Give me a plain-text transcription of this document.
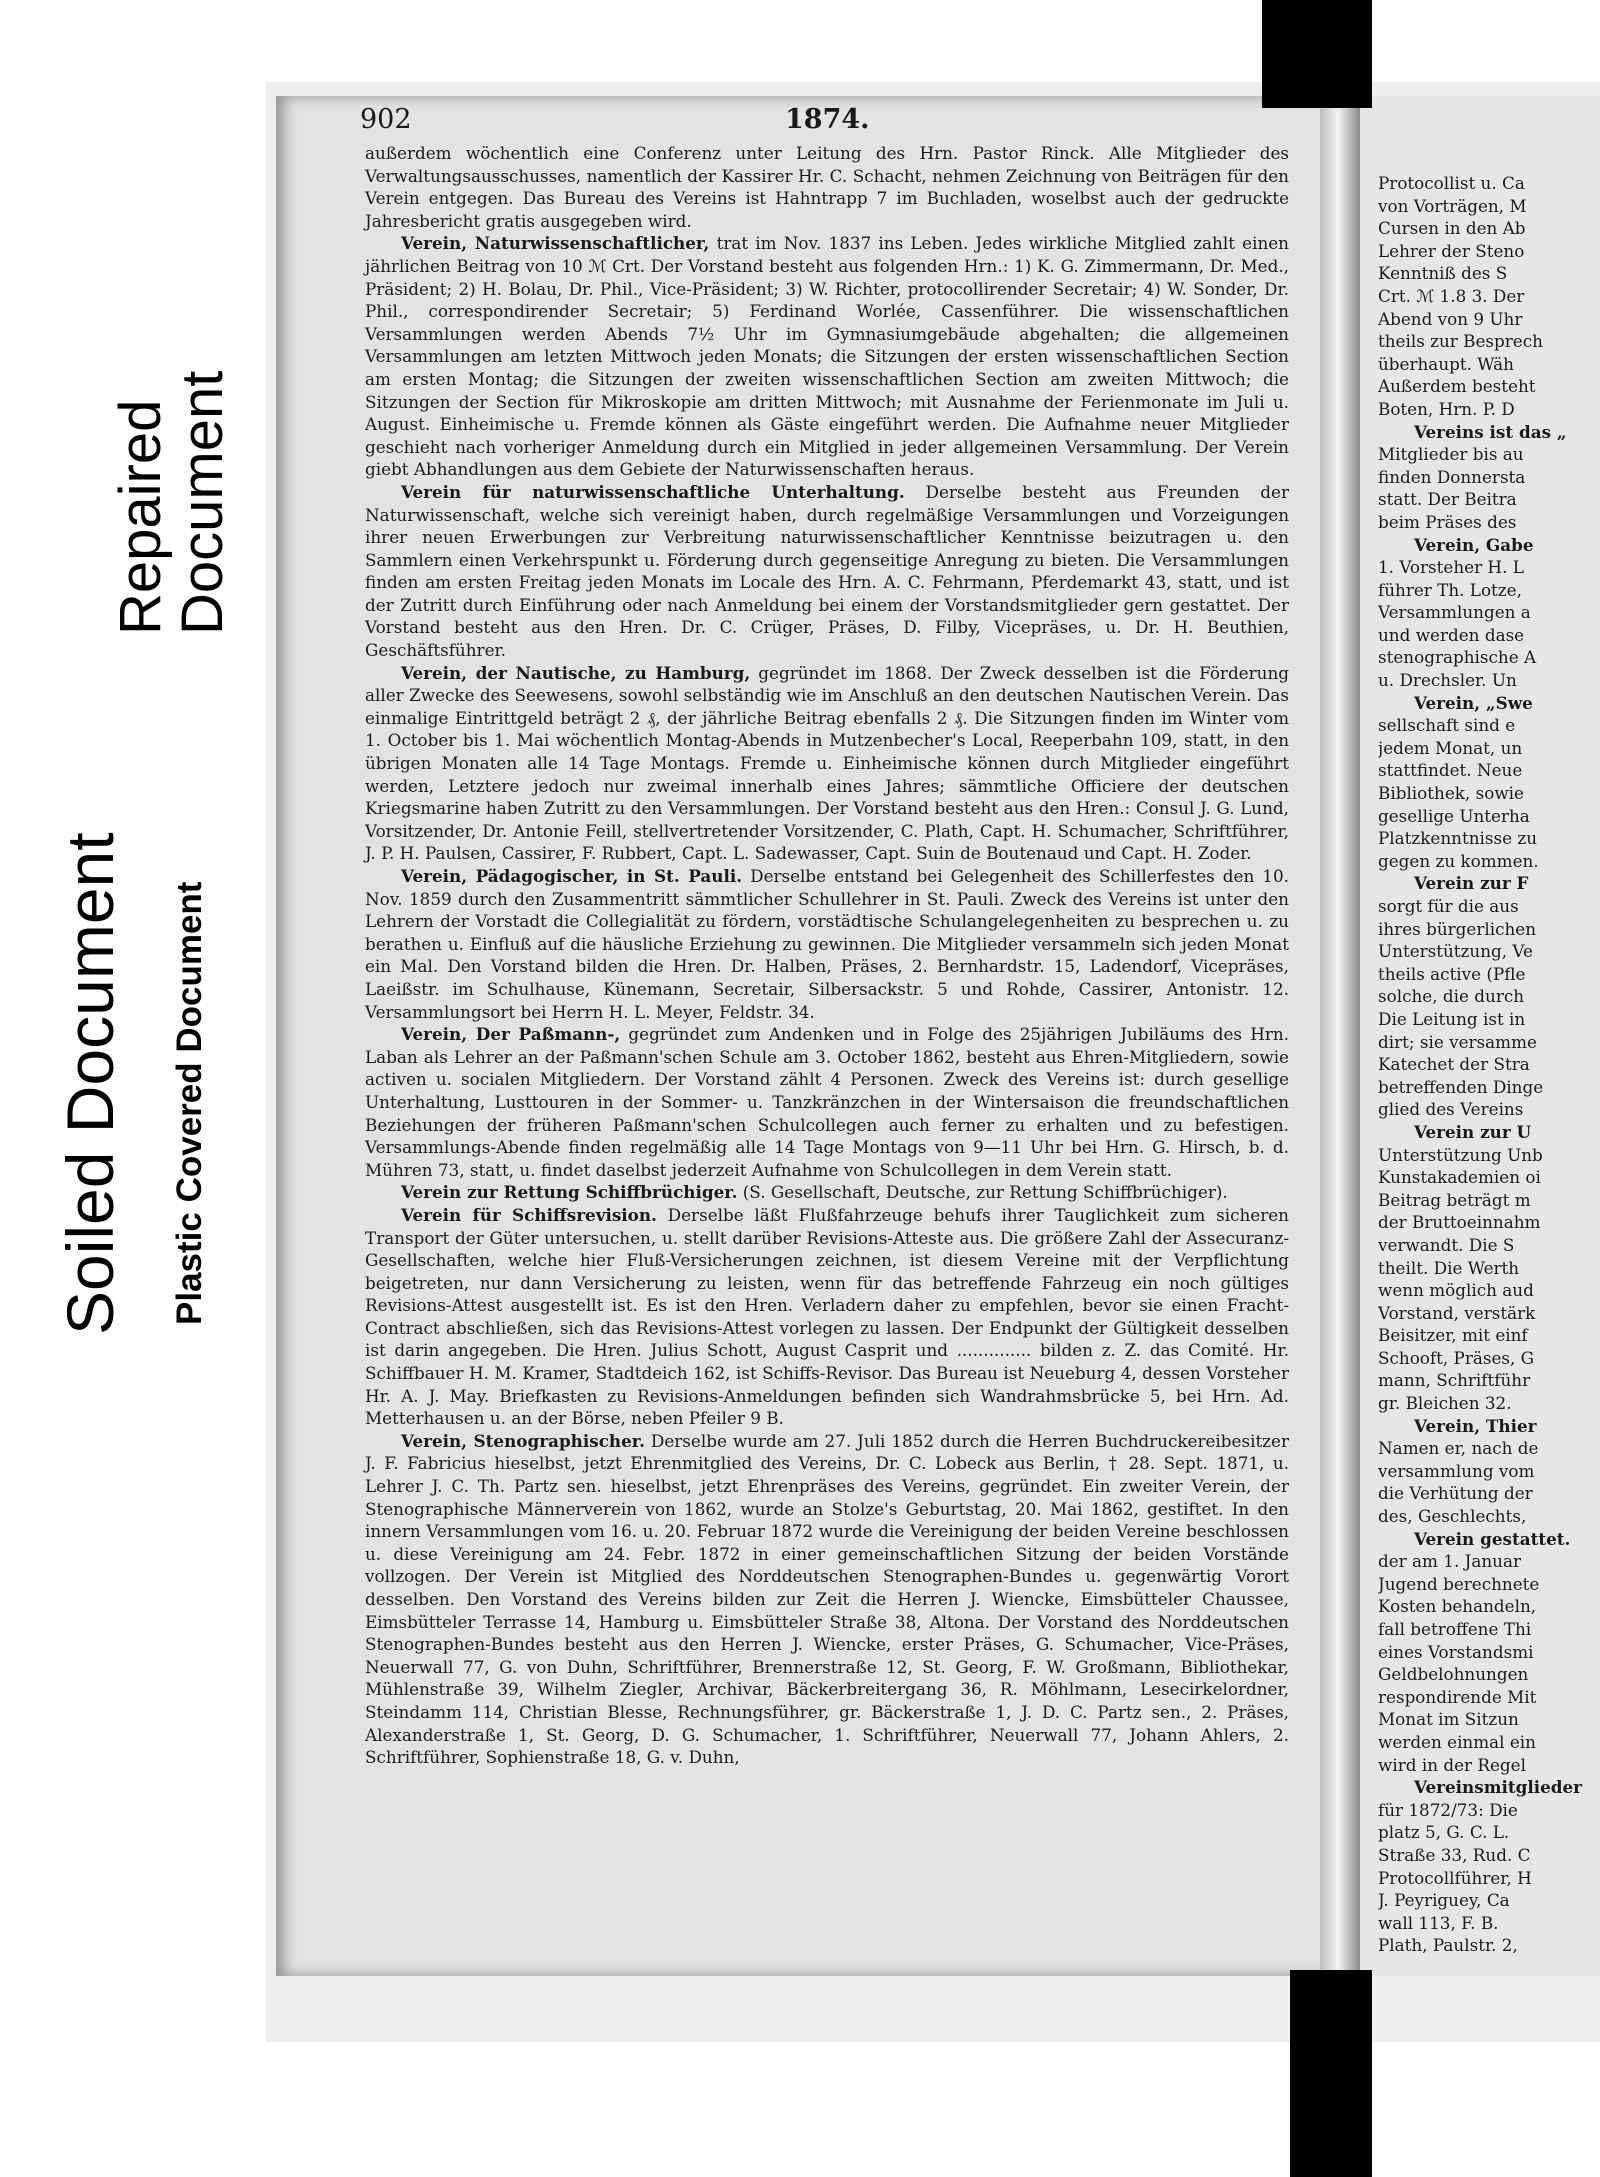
Repaired
Document
Soiled Document Plastic Covered Document
Protocollist u. Ca
von Vorträgen, M
Cursen in den Ab
Lehrer der Steno
Kenntniß des S
Crt. ℳ 1.8 3. Der
Abend von 9 Uhr
theils zur Besprech
überhaupt. Wäh
Außerdem besteht
Boten, Hrn. P. D
Vereins ist das „
Mitglieder bis au
finden Donnersta
statt. Der Beitra
beim Präses des
Verein, Gabe
1. Vorsteher H. L
führer Th. Lotze,
Versammlungen a
und werden dase
stenographische A
u. Drechsler. Un
Verein, „Swe
sellschaft sind e
jedem Monat, un
stattfindet. Neue
Bibliothek, sowie
gesellige Unterha
Platzkenntnisse zu
gegen zu kommen.
Verein zur F
sorgt für die aus
ihres bürgerlichen
Unterstützung, Ve
theils active (Pfle
solche, die durch
Die Leitung ist in
dirt; sie versamme
Katechet der Stra
betreffenden Dinge
glied des Vereins
Verein zur U
Unterstützung Unb
Kunstakademien oi
Beitrag beträgt m
der Bruttoeinnahm
verwandt. Die S
theilt. Die Werth
wenn möglich aud
Vorstand, verstärk
Beisitzer, mit einf
Schooft, Präses, G
mann, Schriftführ
gr. Bleichen 32.
Verein, Thier
Namen er, nach de
versammlung vom
die Verhütung der
des, Geschlechts,
Verein gestattet.
der am 1. Januar
Jugend berechnete
Kosten behandeln,
fall betroffene Thi
eines Vorstandsmi
Geldbelohnungen
respondirende Mit
Monat im Sitzun
werden einmal ein
wird in der Regel
Vereinsmitglieder
für 1872/73: Die
platz 5, G. C. L.
Straße 33, Rud. C
Protocollführer, H
J. Peyriguey, Ca
wall 113, F. B.
Plath, Paulstr. 2,
902	1874.

außerdem wöchentlich eine Conferenz unter Leitung des Hrn. Pastor Rinck. Alle Mitglieder des Verwaltungsausschusses, namentlich der Kassirer Hr. C. Schacht, nehmen Zeichnung von Beiträgen für den Verein entgegen. Das Bureau des Vereins ist Hahntrapp 7 im Buchladen, woselbst auch der gedruckte Jahresbericht gratis ausgegeben wird.

Verein, Naturwissenschaftlicher, trat im Nov. 1837 ins Leben. Jedes wirkliche Mitglied zahlt einen jährlichen Beitrag von 10 ℳ Crt. Der Vorstand besteht aus folgenden Hrn.: 1) K. G. Zimmermann, Dr. Med., Präsident; 2) H. Bolau, Dr. Phil., Vice-Präsident; 3) W. Richter, protocollirender Secretair; 4) W. Sonder, Dr. Phil., correspondirender Secretair; 5) Ferdinand Worlée, Cassenführer. Die wissenschaftlichen Versammlungen werden Abends 7½ Uhr im Gymnasiumgebäude abgehalten; die allgemeinen Versammlungen am letzten Mittwoch jeden Monats; die Sitzungen der ersten wissenschaftlichen Section am ersten Montag; die Sitzungen der zweiten wissenschaftlichen Section am zweiten Mittwoch; die Sitzungen der Section für Mikroskopie am dritten Mittwoch; mit Ausnahme der Ferienmonate im Juli u. August. Einheimische u. Fremde können als Gäste eingeführt werden. Die Aufnahme neuer Mitglieder geschieht nach vorheriger Anmeldung durch ein Mitglied in jeder allgemeinen Versammlung. Der Verein giebt Abhandlungen aus dem Gebiete der Naturwissenschaften heraus.

Verein für naturwissenschaftliche Unterhaltung. Derselbe besteht aus Freunden der Naturwissenschaft, welche sich vereinigt haben, durch regelmäßige Versammlungen und Vorzeigungen ihrer neuen Erwerbungen zur Verbreitung naturwissenschaftlicher Kenntnisse beizutragen u. den Sammlern einen Verkehrspunkt u. Förderung durch gegenseitige Anregung zu bieten. Die Versammlungen finden am ersten Freitag jeden Monats im Locale des Hrn. A. C. Fehrmann, Pferdemarkt 43, statt, und ist der Zutritt durch Einführung oder nach Anmeldung bei einem der Vorstandsmitglieder gern gestattet. Der Vorstand besteht aus den Hren. Dr. C. Crüger, Präses, D. Filby, Vicepräses, u. Dr. H. Beuthien, Geschäftsführer.

Verein, der Nautische, zu Hamburg, gegründet im 1868. Der Zweck desselben ist die Förderung aller Zwecke des Seewesens, sowohl selbständig wie im Anschluß an den deutschen Nautischen Verein. Das einmalige Eintrittgeld beträgt 2 ₰, der jährliche Beitrag ebenfalls 2 ₰. Die Sitzungen finden im Winter vom 1. October bis 1. Mai wöchentlich Montag-Abends in Mutzenbecher's Local, Reeperbahn 109, statt, in den übrigen Monaten alle 14 Tage Montags. Fremde u. Einheimische können durch Mitglieder eingeführt werden, Letztere jedoch nur zweimal innerhalb eines Jahres; sämmtliche Officiere der deutschen Kriegsmarine haben Zutritt zu den Versammlungen. Der Vorstand besteht aus den Hren.: Consul J. G. Lund, Vorsitzender, Dr. Antonie Feill, stellvertretender Vorsitzender, C. Plath, Capt. H. Schumacher, Schriftführer, J. P. H. Paulsen, Cassirer, F. Rubbert, Capt. L. Sadewasser, Capt. Suin de Boutenaud und Capt. H. Zoder.

Verein, Pädagogischer, in St. Pauli. Derselbe entstand bei Gelegenheit des Schillerfestes den 10. Nov. 1859 durch den Zusammentritt sämmtlicher Schullehrer in St. Pauli. Zweck des Vereins ist unter den Lehrern der Vorstadt die Collegialität zu fördern, vorstädtische Schulangelegenheiten zu besprechen u. zu berathen u. Einfluß auf die häusliche Erziehung zu gewinnen. Die Mitglieder versammeln sich jeden Monat ein Mal. Den Vorstand bilden die Hren. Dr. Halben, Präses, 2. Bernhardstr. 15, Ladendorf, Vicepräses, Laeißstr. im Schulhause, Künemann, Secretair, Silbersackstr. 5 und Rohde, Cassirer, Antonistr. 12. Versammlungsort bei Herrn H. L. Meyer, Feldstr. 34.

Verein, Der Paßmann-, gegründet zum Andenken und in Folge des 25jährigen Jubiläums des Hrn. Laban als Lehrer an der Paßmann'schen Schule am 3. October 1862, besteht aus Ehren-Mitgliedern, sowie activen u. socialen Mitgliedern. Der Vorstand zählt 4 Personen. Zweck des Vereins ist: durch gesellige Unterhaltung, Lusttouren in der Sommer- u. Tanzkränzchen in der Wintersaison die freundschaftlichen Beziehungen der früheren Paßmann'schen Schulcollegen auch ferner zu erhalten und zu befestigen. Versammlungs-Abende finden regelmäßig alle 14 Tage Montags von 9—11 Uhr bei Hrn. G. Hirsch, b. d. Mühren 73, statt, u. findet daselbst jederzeit Aufnahme von Schulcollegen in dem Verein statt.

Verein zur Rettung Schiffbrüchiger. (S. Gesellschaft, Deutsche, zur Rettung Schiffbrüchiger).

Verein für Schiffsrevision. Derselbe läßt Flußfahrzeuge behufs ihrer Tauglichkeit zum sicheren Transport der Güter untersuchen, u. stellt darüber Revisions-Atteste aus. Die größere Zahl der Assecuranz-Gesellschaften, welche hier Fluß-Versicherungen zeichnen, ist diesem Vereine mit der Verpflichtung beigetreten, nur dann Versicherung zu leisten, wenn für das betreffende Fahrzeug ein noch gültiges Revisions-Attest ausgestellt ist. Es ist den Hren. Verladern daher zu empfehlen, bevor sie einen Fracht-Contract abschließen, sich das Revisions-Attest vorlegen zu lassen. Der Endpunkt der Gültigkeit desselben ist darin angegeben. Die Hren. Julius Schott, August Casprit und .............. bilden z. Z. das Comité. Hr. Schiffbauer H. M. Kramer, Stadtdeich 162, ist Schiffs-Revisor. Das Bureau ist Neueburg 4, dessen Vorsteher Hr. A. J. May. Briefkasten zu Revisions-Anmeldungen befinden sich Wandrahmsbrücke 5, bei Hrn. Ad. Metterhausen u. an der Börse, neben Pfeiler 9 B.

Verein, Stenographischer. Derselbe wurde am 27. Juli 1852 durch die Herren Buchdruckereibesitzer J. F. Fabricius hieselbst, jetzt Ehrenmitglied des Vereins, Dr. C. Lobeck aus Berlin, † 28. Sept. 1871, u. Lehrer J. C. Th. Partz sen. hieselbst, jetzt Ehrenpräses des Vereins, gegründet. Ein zweiter Verein, der Stenographische Männerverein von 1862, wurde an Stolze's Geburtstag, 20. Mai 1862, gestiftet. In den innern Versammlungen vom 16. u. 20. Februar 1872 wurde die Vereinigung der beiden Vereine beschlossen u. diese Vereinigung am 24. Febr. 1872 in einer gemeinschaftlichen Sitzung der beiden Vorstände vollzogen. Der Verein ist Mitglied des Norddeutschen Stenographen-Bundes u. gegenwärtig Vorort desselben. Den Vorstand des Vereins bilden zur Zeit die Herren J. Wiencke, Eimsbütteler Chaussee, Eimsbütteler Terrasse 14, Hamburg u. Eimsbütteler Straße 38, Altona. Der Vorstand des Norddeutschen Stenographen-Bundes besteht aus den Herren J. Wiencke, erster Präses, G. Schumacher, Vice-Präses, Neuerwall 77, G. von Duhn, Schriftführer, Brennerstraße 12, St. Georg, F. W. Großmann, Bibliothekar, Mühlenstraße 39, Wilhelm Ziegler, Archivar, Bäckerbreitergang 36, R. Möhlmann, Lesecirkelordner, Steindamm 114, Christian Blesse, Rechnungsführer, gr. Bäckerstraße 1, J. D. C. Partz sen., 2. Präses, Alexanderstraße 1, St. Georg, D. G. Schumacher, 1. Schriftführer, Neuerwall 77, Johann Ahlers, 2. Schriftführer, Sophienstraße 18, G. v. Duhn,
